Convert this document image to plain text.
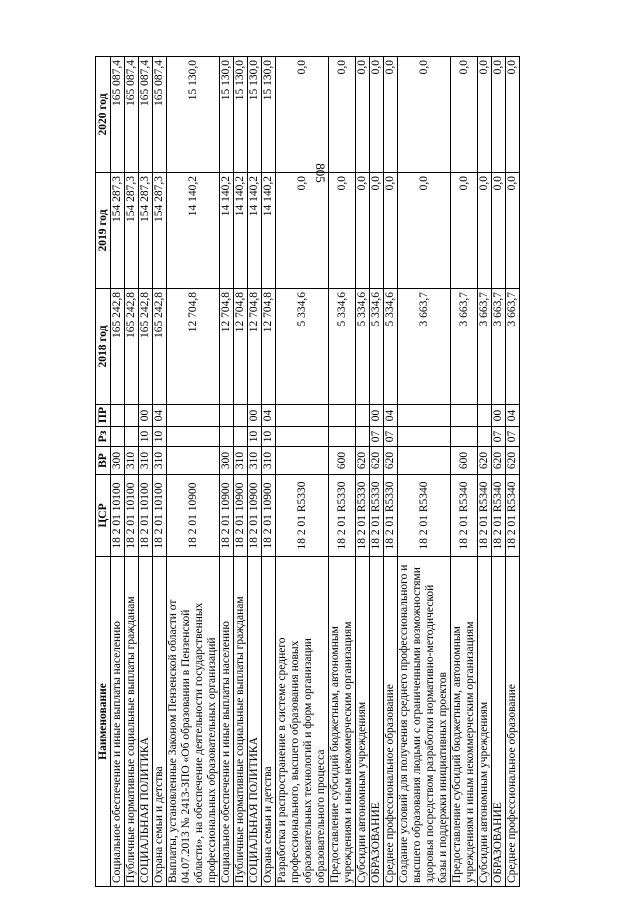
805
Наименование	ЦСР	ВР	Рз	ПР	2018 год	2019 год	2020 год
Социальное обеспечение и иные выплаты населению	18 2 01 10100	300			165 242,8	154 287,3	165 087,4
Публичные нормативные социальные выплаты гражданам	18 2 01 10100	310			165 242,8	154 287,3	165 087,4
СОЦИАЛЬНАЯ ПОЛИТИКА	18 2 01 10100	310	10	00	165 242,8	154 287,3	165 087,4
Охрана семьи и детства	18 2 01 10100	310	10	04	165 242,8	154 287,3	165 087,4
Выплаты, установленные Законом Пензенской области от 04.07.2013 № 2413-ЗПО «Об образовании в Пензенской области», на обеспечение деятельности государственных профессиональных образовательных организаций	18 2 01 10900				12 704,8	14 140,2	15 130,0
Социальное обеспечение и иные выплаты населению	18 2 01 10900	300			12 704,8	14 140,2	15 130,0
Публичные нормативные социальные выплаты гражданам	18 2 01 10900	310			12 704,8	14 140,2	15 130,0
СОЦИАЛЬНАЯ ПОЛИТИКА	18 2 01 10900	310	10	00	12 704,8	14 140,2	15 130,0
Охрана семьи и детства	18 2 01 10900	310	10	04	12 704,8	14 140,2	15 130,0
Разработка и распространение в системе среднего профессионального, высшего образования новых образовательных технологий и форм организации образовательного процесса	18 2 01 R5330				5 334,6	0,0	0,0
Предоставление субсидий бюджетным, автономным учреждениям и иным некоммерческим организациям	18 2 01 R5330	600			5 334,6	0,0	0,0
Субсидии автономным учреждениям	18 2 01 R5330	620			5 334,6	0,0	0,0
ОБРАЗОВАНИЕ	18 2 01 R5330	620	07	00	5 334,6	0,0	0,0
Среднее профессиональное образование	18 2 01 R5330	620	07	04	5 334,6	0,0	0,0
Создание условий для получения среднего профессионального и высшего образования людьми с ограниченными возможностями здоровья посредством разработки нормативно-методической базы и поддержки инициативных проектов	18 2 01 R5340				3 663,7	0,0	0,0
Предоставление субсидий бюджетным, автономным учреждениям и иным некоммерческим организациям	18 2 01 R5340	600			3 663,7	0,0	0,0
Субсидии автономным учреждениям	18 2 01 R5340	620			3 663,7	0,0	0,0
ОБРАЗОВАНИЕ	18 2 01 R5340	620	07	00	3 663,7	0,0	0,0
Среднее профессиональное образование	18 2 01 R5340	620	07	04	3 663,7	0,0	0,0
